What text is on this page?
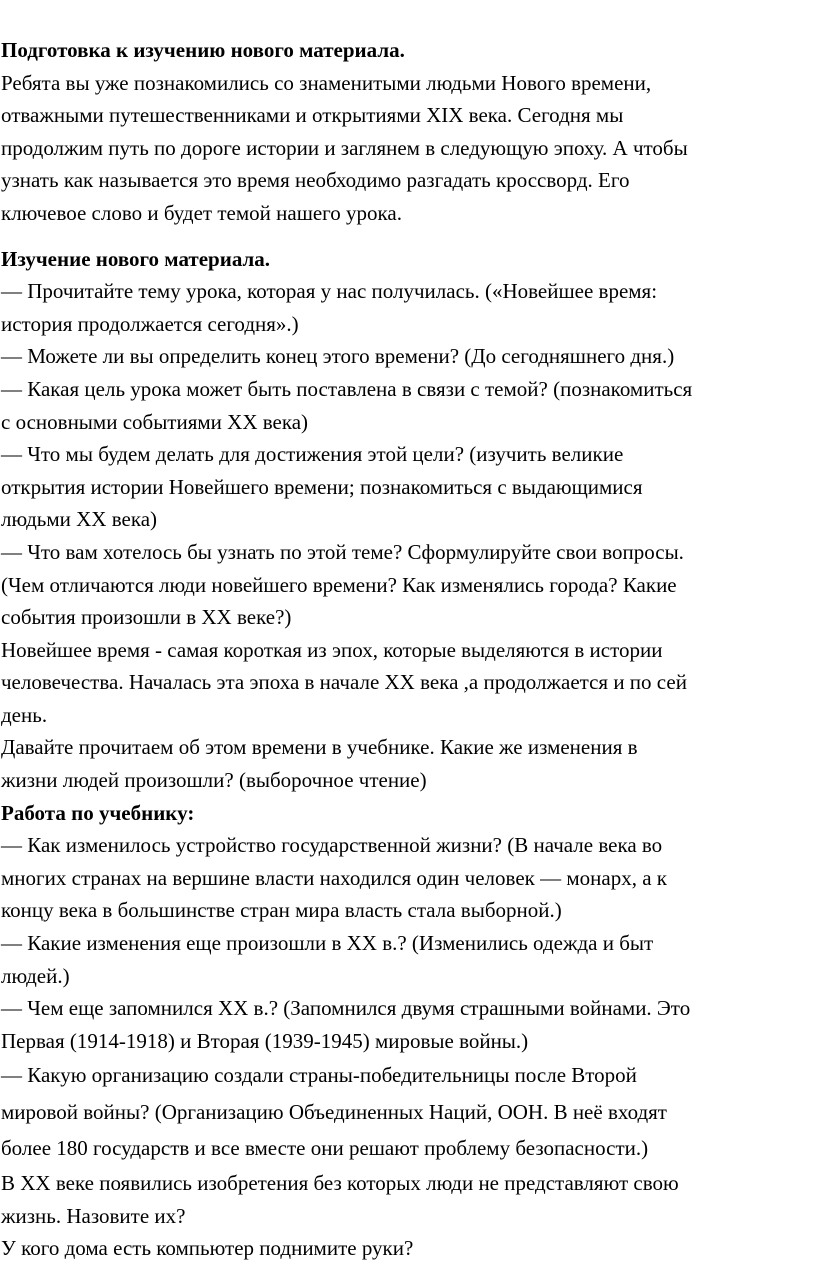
Подготовка к изучению нового материала.
Ребята вы уже познакомились со знаменитыми людьми Нового времени,
отважными путешественниками и открытиями XIX века. Сегодня мы
продолжим путь по дороге истории и заглянем в следующую эпоху. А чтобы
узнать как называется это время необходимо разгадать кроссворд. Его
ключевое слово и будет темой нашего урока.
Изучение нового материала.
— Прочитайте тему урока, которая у нас получилась. («Новейшее время:
история продолжается сегодня».)
— Можете ли вы определить конец этого времени? (До сегодняшнего дня.)
— Какая цель урока может быть поставлена в связи с темой? (познакомиться
с основными событиями XX века)
— Что мы будем делать для достижения этой цели? (изучить великие
открытия истории Новейшего времени; познакомиться с выдающимися
людьми XX века)
— Что вам хотелось бы узнать по этой теме? Сформулируйте свои вопросы.
(Чем отличаются люди новейшего времени? Как изменялись города? Какие
события произошли в XX веке?)
Новейшее время - самая короткая из эпох, которые выделяются в истории
человечества. Началась эта эпоха в начале XX века ,а продолжается и по сей
день.
Давайте прочитаем об этом времени в учебнике. Какие же изменения в
жизни людей произошли? (выборочное чтение)
Работа по учебнику:
— Как изменилось устройство государственной жизни? (В начале века во
многих странах на вершине власти находился один человек — монарх, а к
концу века в большинстве стран мира власть стала выборной.)
— Какие изменения еще произошли в XX в.? (Изменились одежда и быт
людей.)
— Чем еще запомнился XX в.? (Запомнился двумя страшными войнами. Это
Первая (1914-1918) и Вторая (1939-1945) мировые войны.)
— Какую организацию создали страны-победительницы после Второй
мировой войны? (Организацию Объединенных Наций, ООН. В неё входят
более 180 государств и все вместе они решают проблему безопасности.)
В XX веке появились изобретения без которых люди не представляют свою
жизнь. Назовите их?
У кого дома есть компьютер поднимите руки?
